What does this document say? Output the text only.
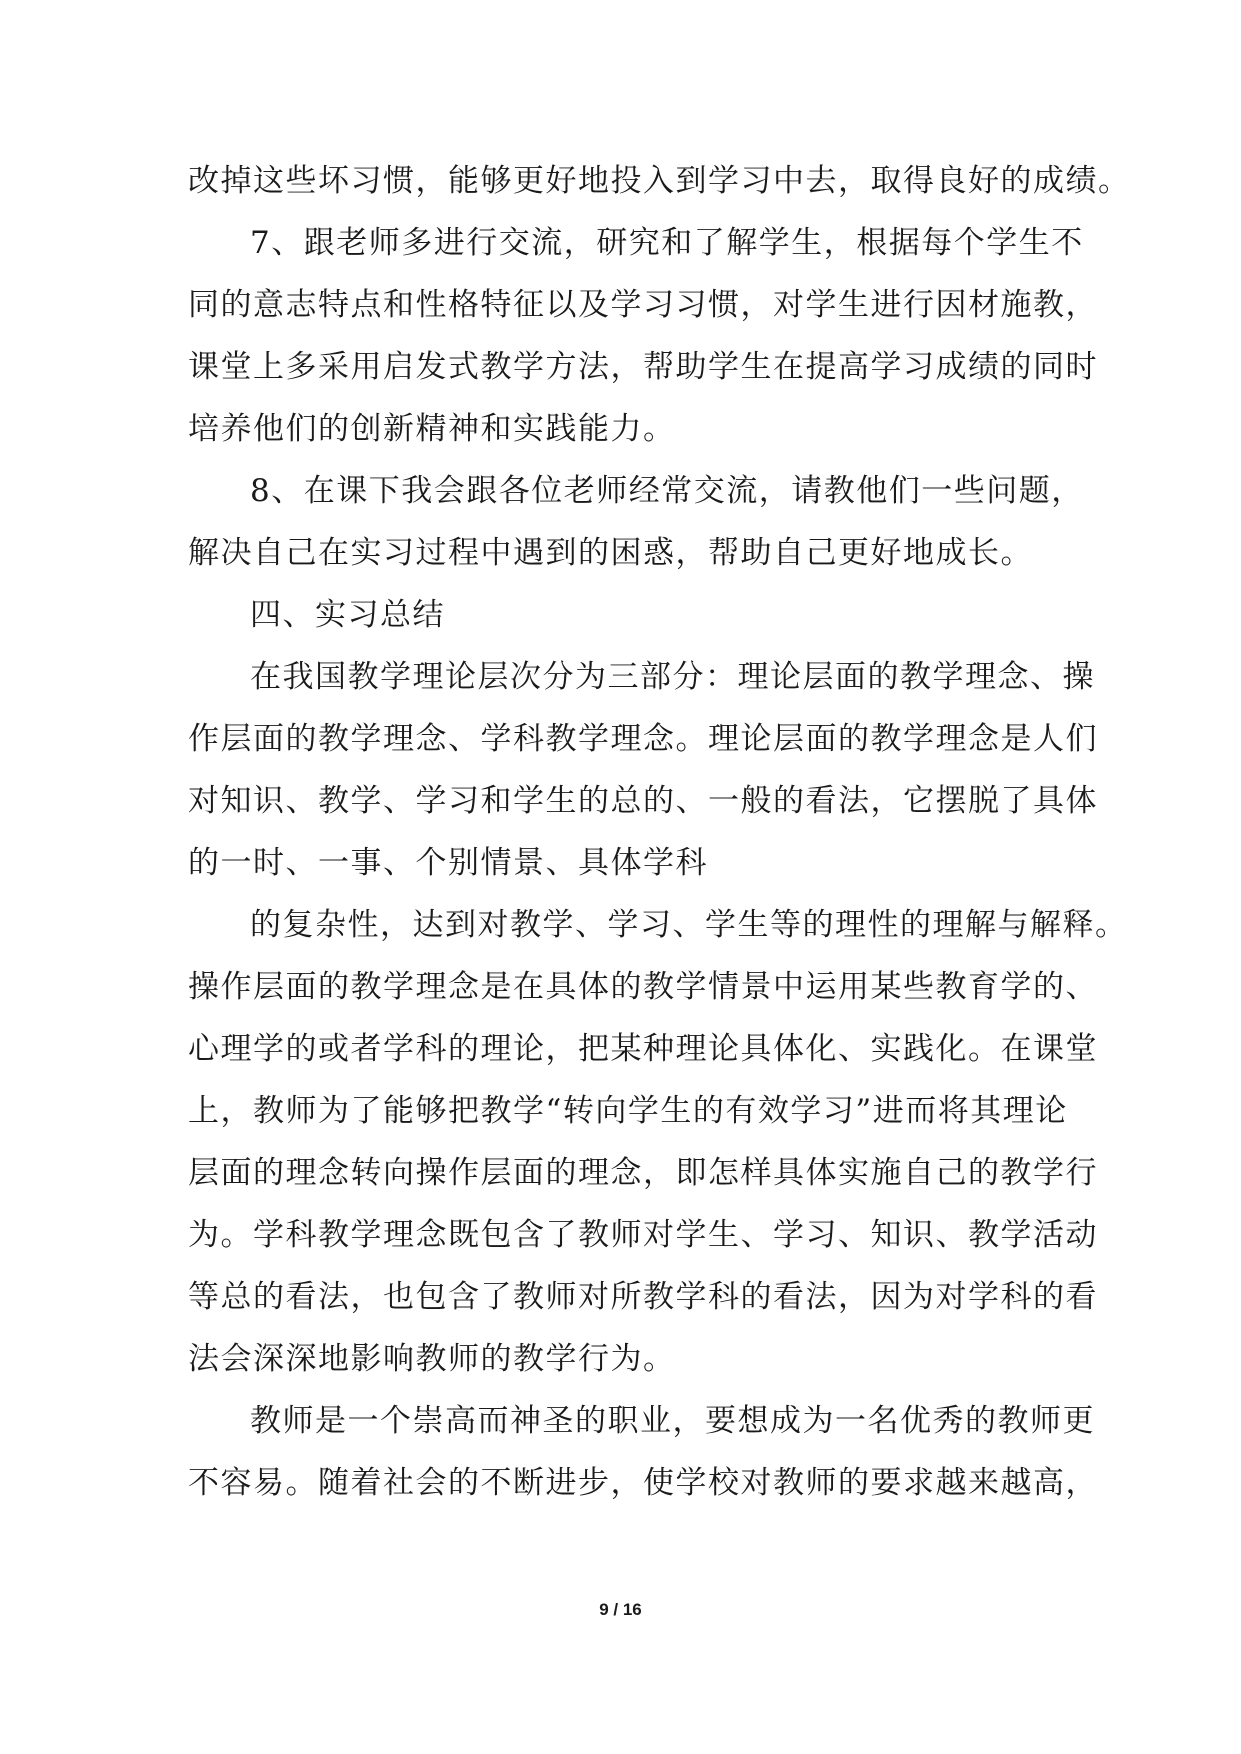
改掉这些坏习惯，能够更好地投入到学习中去，取得良好的成绩。
7、跟老师多进行交流，研究和了解学生，根据每个学生不
同的意志特点和性格特征以及学习习惯，对学生进行因材施教，
课堂上多采用启发式教学方法，帮助学生在提高学习成绩的同时
培养他们的创新精神和实践能力。
8、在课下我会跟各位老师经常交流，请教他们一些问题，
解决自己在实习过程中遇到的困惑，帮助自己更好地成长。
四、实习总结
在我国教学理论层次分为三部分：理论层面的教学理念、操
作层面的教学理念、学科教学理念。理论层面的教学理念是人们
对知识、教学、学习和学生的总的、一般的看法，它摆脱了具体
的一时、一事、个别情景、具体学科
的复杂性，达到对教学、学习、学生等的理性的理解与解释。
操作层面的教学理念是在具体的教学情景中运用某些教育学的、
心理学的或者学科的理论，把某种理论具体化、实践化。在课堂
上，教师为了能够把教学“转向学生的有效学习”进而将其理论
层面的理念转向操作层面的理念，即怎样具体实施自己的教学行
为。学科教学理念既包含了教师对学生、学习、知识、教学活动
等总的看法，也包含了教师对所教学科的看法，因为对学科的看
法会深深地影响教师的教学行为。
教师是一个崇高而神圣的职业，要想成为一名优秀的教师更
不容易。随着社会的不断进步，使学校对教师的要求越来越高，
9 / 16
